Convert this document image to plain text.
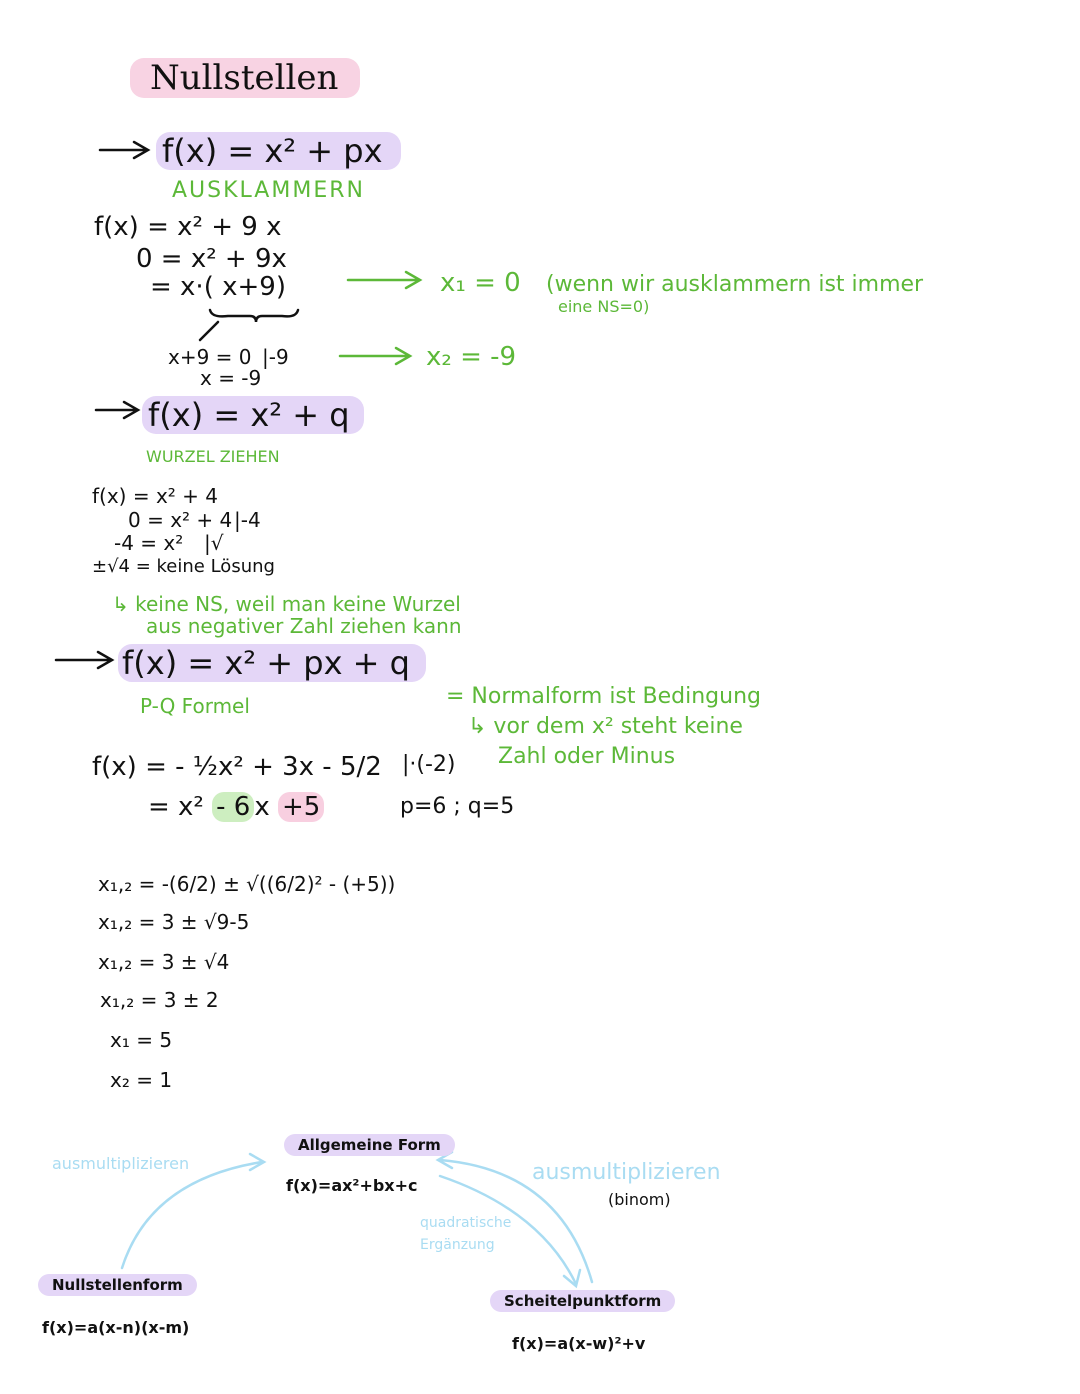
Nullstellen
f(x) = x² + px
AUSKLAMMERN
f(x) = x² + 9 x
0 = x² + 9x
= x·( x+9)	x₁ = 0 (wenn wir ausklammern ist immer
eine NS=0)
x+9 = 0 |-9
x = -9
x₂ = -9
f(x) = x² + q
WURZEL ZIEHEN
f(x) = x² + 4
0 = x² + 4 |-4
-4 = x² |√
±√4 = keine Lösung
↳ keine NS, weil man keine Wurzel
aus negativer Zahl ziehen kann
f(x) = x² + px + q
P-Q Formel	= Normalform ist Bedingung
↳ vor dem x² steht keine
Zahl oder Minus
f(x) = - ½x² + 3x - 5/2 |·(-2)
= x² - 6 x +5	p=6 ; q=5
x₁,₂ = -(6/2) ± √((6/2)² - (+5))
x₁,₂ = 3 ± √9-5
x₁,₂ = 3 ± √4
x₁,₂ = 3 ± 2
x₁ = 5
x₂ = 1
Allgemeine Form
f(x)=ax²+bx+c
Nullstellenform
f(x)=a(x-n)(x-m)
Scheitelpunktform
f(x)=a(x-w)²+v
ausmultiplizieren	ausmultiplizieren
(binom)
quadratische Ergänzung
